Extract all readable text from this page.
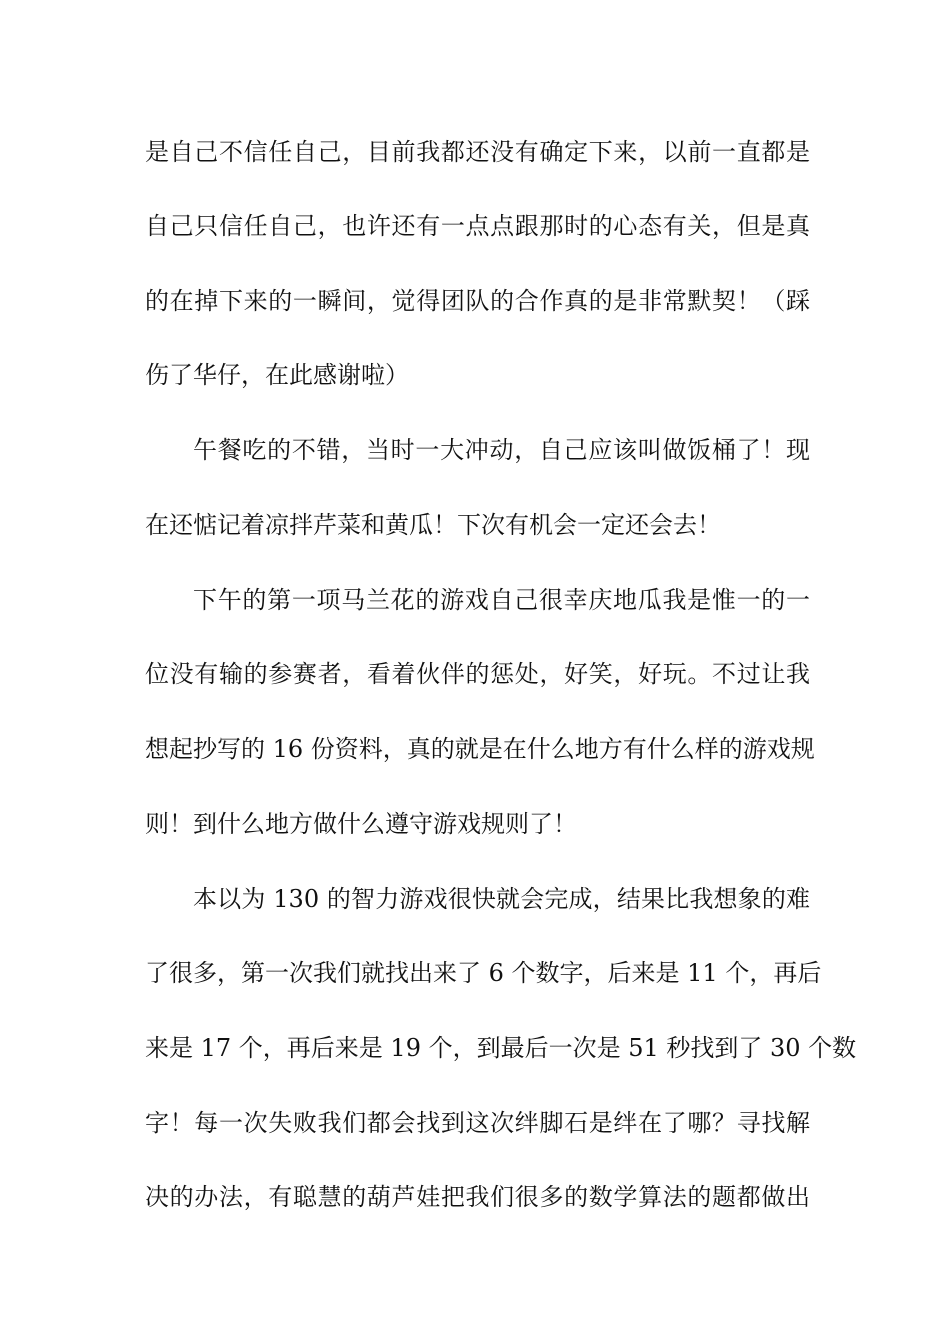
是自己不信任自己，目前我都还没有确定下来，以前一直都是
自己只信任自己，也许还有一点点跟那时的心态有关，但是真
的在掉下来的一瞬间，觉得团队的合作真的是非常默契！（踩
伤了华仔，在此感谢啦）
午餐吃的不错，当时一大冲动，自己应该叫做饭桶了！现
在还惦记着凉拌芹菜和黄瓜！下次有机会一定还会去！
下午的第一项马兰花的游戏自己很幸庆地瓜我是惟一的一
位没有输的参赛者，看着伙伴的惩处，好笑，好玩。不过让我
想起抄写的 16 份资料，真的就是在什么地方有什么样的游戏规
则！到什么地方做什么遵守游戏规则了！
本以为 130 的智力游戏很快就会完成，结果比我想象的难
了很多，第一次我们就找出来了 6 个数字，后来是 11 个，再后
来是 17 个，再后来是 19 个，到最后一次是 51 秒找到了 30 个数
字！每一次失败我们都会找到这次绊脚石是绊在了哪？寻找解
决的办法，有聪慧的葫芦娃把我们很多的数学算法的题都做出
